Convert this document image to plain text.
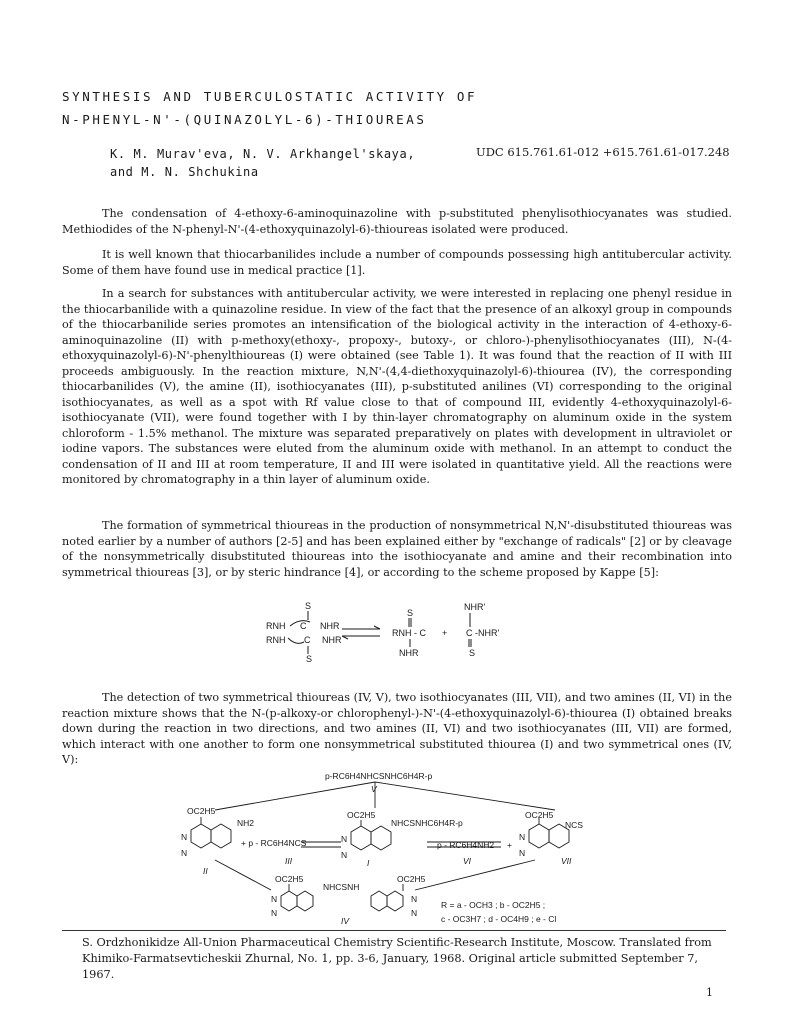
SYNTHESIS AND TUBERCULOSTATIC ACTIVITY OF
N-PHENYL-N'-(QUINAZOLYL-6)-THIOUREAS
K. M. Murav'eva, N. V. Arkhangel'skaya,
and M. N. Shchukina
UDC 615.761.61-012 +615.761.61-017.248

The condensation of 4-ethoxy-6-aminoquinazoline with p-substituted phenylisothiocyanates was studied. Methiodides of the N-phenyl-N'-(4-ethoxyquinazolyl-6)-thioureas isolated were produced.

It is well known that thiocarbanilides include a number of compounds possessing high antitubercular activity. Some of them have found use in medical practice [1].

In a search for substances with antitubercular activity, we were interested in replacing one phenyl residue in the thiocarbanilide with a quinazoline residue. In view of the fact that the presence of an alkoxyl group in compounds of the thiocarbanilide series promotes an intensification of the biological activity in the interaction of 4-ethoxy-6-aminoquinazoline (II) with p-methoxy(ethoxy-, propoxy-, butoxy-, or chloro-)-phenylisothiocyanates (III), N-(4-ethoxyquinazolyl-6)-N'-phenylthioureas (I) were obtained (see Table 1). It was found that the reaction of II with III proceeds ambiguously. In the reaction mixture, N,N'-(4,4-diethoxyquinazolyl-6)-thiourea (IV), the corresponding thiocarbanilides (V), the amine (II), isothiocyanates (III), p-substituted anilines (VI) corresponding to the original isothiocyanates, as well as a spot with Rf value close to that of compound III, evidently 4-ethoxyquinazolyl-6-isothiocyanate (VII), were found together with I by thin-layer chromatography on aluminum oxide in the system chloroform - 1.5% methanol. The mixture was separated preparatively on plates with development in ultraviolet or iodine vapors. The substances were eluted from the aluminum oxide with methanol. In an attempt to conduct the condensation of II and III at room temperature, II and III were isolated in quantitative yield. All the reactions were monitored by chromatography in a thin layer of aluminum oxide.

The formation of symmetrical thioureas in the production of nonsymmetrical N,N'-disubstituted thioureas was noted earlier by a number of authors [2-5] and has been explained either by "exchange of radicals" [2] or by cleavage of the nonsymmetrically disubstituted thioureas into the isothiocyanate and amine and their recombination into symmetrical thioureas [3], or by steric hindrance [4], or according to the scheme proposed by Kappe [5]:

S
RNH C NHR
RNH C NHR
S
S
RNH - C
NHR
+
NHR'
C -NHR'
S

The detection of two symmetrical thioureas (IV, V), two isothiocyanates (III, VII), and two amines (II, VI) in the reaction mixture shows that the N-(p-alkoxy-or chlorophenyl-)-N'-(4-ethoxyquinazolyl-6)-thiourea (I) obtained breaks down during the reaction in two directions, and two amines (II, VI) and two isothiocyanates (III, VII) are formed, which interact with one another to form one nonsymmetrical substituted thiourea (I) and two symmetrical ones (IV, V):

p-RC6H4NHCSNHC6H4R-p
V
OC2H5
NH2
N
N
II
+ p - RC6H4NCS
III
OC2H5
NHCSNHC6H4R-p
N
N
I
p - RC6H4NH2 +
VI
OC2H5
NCS
N
N
VII
OC2H5	OC2H5
NHCSNH
N
N
N
N
IV
R = a - OCH3 ; b - OC2H5 ;
c - OC3H7 ; d - OC4H9 ; e - Cl

S. Ordzhonikidze All-Union Pharmaceutical Chemistry Scientific-Research Institute, Moscow. Translated from Khimiko-Farmatsevticheskii Zhurnal, No. 1, pp. 3-6, January, 1968. Original article submitted September 7, 1967.

1
